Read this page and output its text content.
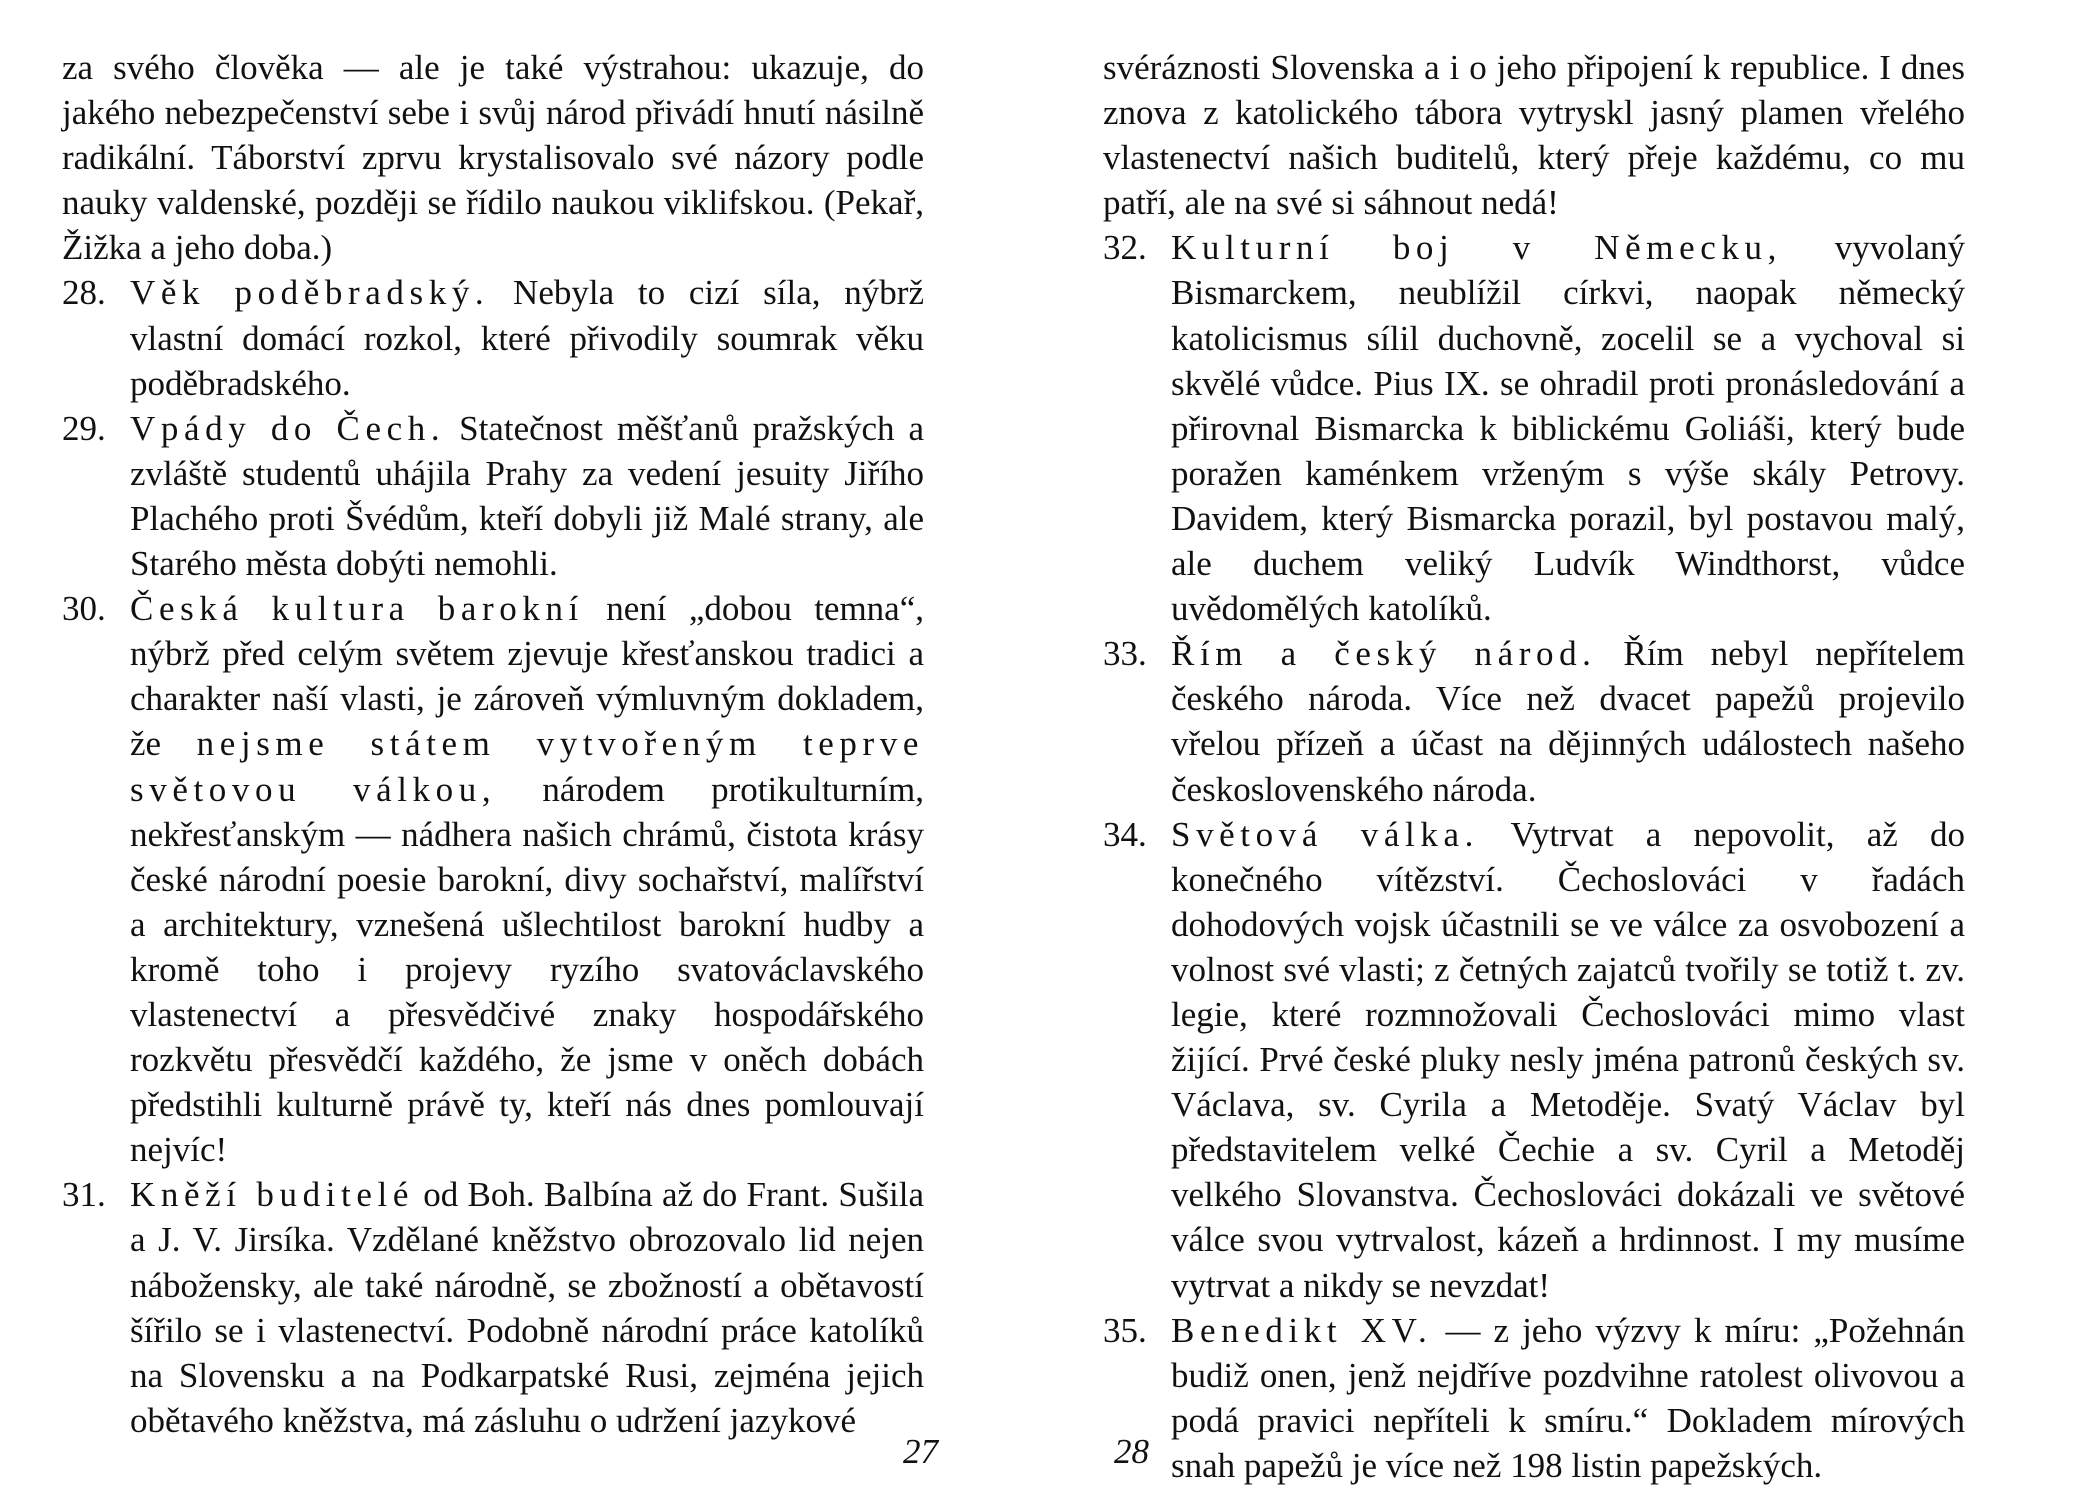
za svého člověka — ale je také výstrahou: ukazuje, do jakého nebezpečenství sebe i svůj národ přivádí hnutí násilně radikální. Táborství zprvu krystalisovalo své názory podle nauky valdenské, později se řídilo naukou viklifskou. (Pekař, Žižka a jeho doba.)

28. Věk poděbradský. Nebyla to cizí síla, nýbrž vlastní domácí rozkol, které přivodily soumrak věku poděbradského.

29. Vpády do Čech. Statečnost měšťanů pražských a zvláště studentů uhájila Prahy za vedení jesuity Jiřího Plachého proti Švédům, kteří dobyli již Malé strany, ale Starého města dobýti nemohli.

30. Česká kultura barokní není „dobou temna“, nýbrž před celým světem zjevuje křesťanskou tradici a charakter naší vlasti, je zároveň výmluvným dokladem, že nejsme státem vytvořeným teprve světovou válkou, národem protikulturním, nekřesťanským — nádhera našich chrámů, čistota krásy české národní poesie barokní, divy sochařství, malířství a architektury, vznešená ušlechtilost barokní hudby a kromě toho i projevy ryzího svatováclavského vlastenectví a přesvědčivé znaky hospodářského rozkvětu přesvědčí každého, že jsme v oněch dobách předstihli kulturně právě ty, kteří nás dnes pomlouvají nejvíc!

31. Kněží buditelé od Boh. Balbína až do Frant. Sušila a J. V. Jirsíka. Vzdělané kněžstvo obrozovalo lid nejen nábožensky, ale také národně, se zbožností a obětavostí šířilo se i vlastenectví. Podobně národní práce katolíků na Slovensku a na Podkarpatské Rusi, zejména jejich obětavého kněžstva, má zásluhu o udržení jazykové

27

svéráznosti Slovenska a i o jeho připojení k republice. I dnes znova z katolického tábora vytryskl jasný plamen vřelého vlastenectví našich buditelů, který přeje každému, co mu patří, ale na své si sáhnout nedá!

32. Kulturní boj v Německu, vyvolaný Bismarckem, neublížil církvi, naopak německý katolicismus sílil duchovně, zocelil se a vychoval si skvělé vůdce. Pius IX. se ohradil proti pronásledování a přirovnal Bismarcka k biblickému Goliáši, který bude poražen kaménkem vrženým s výše skály Petrovy. Davidem, který Bismarcka porazil, byl postavou malý, ale duchem veliký Ludvík Windthorst, vůdce uvědomělých katolíků.

33. Řím a český národ. Řím nebyl nepřítelem českého národa. Více než dvacet papežů projevilo vřelou přízeň a účast na dějinných událostech našeho československého národa.

34. Světová válka. Vytrvat a nepovolit, až do konečného vítězství. Čechoslováci v řadách dohodových vojsk účastnili se ve válce za osvobození a volnost své vlasti; z četných zajatců tvořily se totiž t. zv. legie, které rozmnožovali Čechoslováci mimo vlast žijící. Prvé české pluky nesly jména patronů českých sv. Václava, sv. Cyrila a Metoděje. Svatý Václav byl představitelem velké Čechie a sv. Cyril a Metoděj velkého Slovanstva. Čechoslováci dokázali ve světové válce svou vytrvalost, kázeň a hrdinnost. I my musíme vytrvat a nikdy se nevzdat!

35. Benedikt XV. — z jeho výzvy k míru: „Požehnán budiž onen, jenž nejdříve pozdvihne ratolest olivovou a podá pravici nepříteli k smíru.“ Dokladem mírových snah papežů je více než 198 listin papežských.

28
